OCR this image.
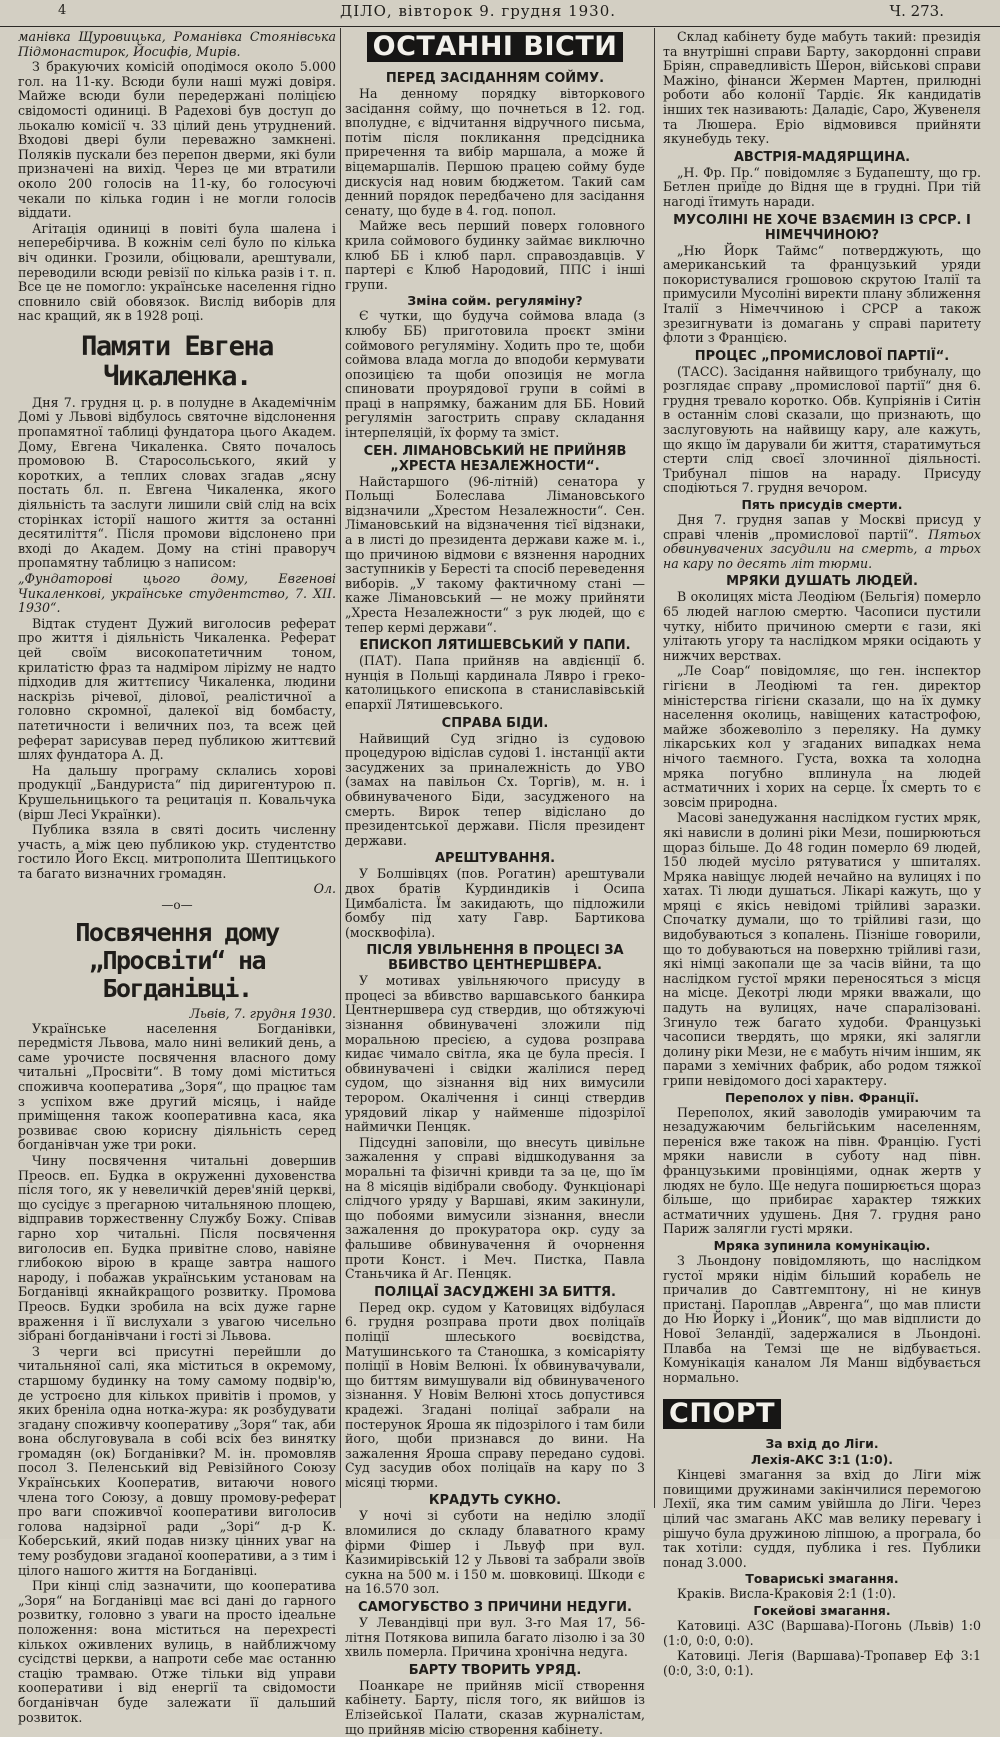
4	ДІЛО, вівторок 9. грудня 1930.	Ч. 273.

манівка Щуровицька, Романівка Стоянівська Підмонастирок, Йосифів, Мирів.

З бракуючих комісій оподімося около 5.000 гол. на 11-ку. Всюди були наші мужі довіря. Майже всюди були передержані поліцією свідомості одиниці. В Радехові був доступ до льокалю комісії ч. 33 цілий день утруднений. Входові двері були переважно замкнені. Поляків пускали без перепон дверми, які були призначені на вихід. Через це ми втратили около 200 голосів на 11-ку, бо голосуючі чекали по кілька годин і не могли голосів віддати.

Агітація одиниці в повіті була шалена і неперебірчива. В кожнім селі було по кілька віч одинки. Грозили, обіцювали, арештували, переводили всюди ревізії по кілька разів і т. п. Все це не помогло: українське населення гідно сповнило свій обовязок. Вислід виборів для нас кращий, як в 1928 році.

Памяти Евгена Чикаленка.

Дня 7. грудня ц. р. в полудне в Академічнім Домі у Львові відбулось святочне відслонення пропамятної таблиці фундатора цього Академ. Дому, Евгена Чикаленка. Свято почалось промовою В. Старосольського, який у коротких, а теплих словах згадав „ясну постать бл. п. Евгена Чикаленка, якого діяльність та заслуги лишили свій слід на всіх сторінках історії нашого життя за останні десятиліття“. Після промови відслонено при вході до Академ. Дому на стіні праворуч пропамятну таблицю з написом:

„Фундаторові цього дому, Евгенові Чикаленкові, українське студентство, 7. XII. 1930“.

Відтак студент Дужий виголосив реферат про життя і діяльність Чикаленка. Реферат цей своїм високопатетичним тоном, крилатістю фраз та надміром лірizму не надто підходив для життєпису Чикаленка, людини наскрізь річевої, ділової, реалістичної а головно скромної, далекої від бомбасту, патетичности і величних поз, та всеж цей реферат зарисував перед публикою життєвий шлях фундатора А. Д.

На дальшу програму склались хорові продукції „Бандуриста“ під диригентурою п. Крушельницького та рецитація п. Ковальчука (вірш Лесі Українки).

Публика взяла в святі досить численну участь, а між цею публикою укр. студентство гостило Його Ексц. митрополита Шептицького та багато визначних громадян.

Ол.
—o—
Посвячення дому „Просвіти“ на Богданівці.
Львів, 7. грудня 1930.

Українське населення Богданівки, передмістя Львова, мало нині великий день, а саме урочисте посвячення власного дому читальні „Просвіти“. В тому домі міститься споживча кооператива „Зоря“, що працює там з успіхом вже другий місяць, і найде приміщення також кооперативна каса, яка розвиває свою корисну діяльність серед богданівчан уже три роки.

Чину посвячення читальні довершив Преосв. еп. Будка в окруженні духовенства після того, як у невеличкій дерев'яній церкві, що сусідує з прегарною читальняною площею, відправив торжественну Службу Божу. Співав гарно хор читальні. Після посвячення виголосив еп. Будка привітне слово, навіяне глибокою вірою в краще завтра нашого народу, і побажав українським установам на Богданівці якнайкращого розвитку. Промова Преосв. Будки зробила на всіх дуже гарне враження і її вислухали з увагою чисельно зібрані богданівчани і гості зі Львова.

З черги всі присутні перейшли до читальняної салі, яка міститься в окремому, старшому будинку на тому самому подвір'ю, де устроєно для кількох привітів і промов, у яких бреніла одна нотка-журa: як розбудувати згадану споживчу кооперативу „Зоря“ так, аби вона обслуговувала в собі всіх без винятку громадян (ок) Богданівки? М. ін. промовляв посол З. Пеленський від Ревізійного Союзу Українських Кооператив, витаючи нового члена того Союзу, а довшу промову-реферат про ваги споживчої кооперативи виголосив голова надзірної ради „Зорі“ д-р К. Коберський, який подав низку цінних уваг на тему розбудови згаданої кооперативи, а з тим і цілого нашого життя на Богданівці.

При кінці слід зазначити, що кооператива „Зоря“ на Богданівці має всі дані до гарного розвитку, головно з уваги на просто ідеальне положення: вона міститься на перехресті кількох оживлених вулиць, в найближчому сусідстві церкви, а напроти себе має останню стацію трамваю. Отже тільки від управи кооперативи і від енергії та свідомости богданівчан буде залежати її дальший розвиток.

ОСТАННІ ВІСТИ
ПЕРЕД ЗАСІДАННЯМ СОЙМУ.

На денному порядку вівторкового засідання сойму, що почнеться в 12. год. вполудне, є відчитання відручного письма, потім після покликання предсідника приречення та вибір маршала, а може й віцемаршалів. Першою працею сойму буде дискусія над новим бюджетом. Такий сам денний порядок передбачено для засідання сенату, що буде в 4. год. попол.

Майже весь перший поверх головного крила соймового будинку займає виключно клюб ББ і клюб парл. справоздавців. У партері є Клюб Народовий, ППС і інші групи.

Зміна сойм. регуляміну?

Є чутки, що будуча соймова влада (з клюбу ББ) приготовила проєкт зміни соймового регуляміну. Ходить про те, щоби соймова влада могла до вподоби кермувати опозицією та щоби опозиція не могла спиновати проурядової групи в соймі в праці в напрямку, бажаним для ББ. Новий регулямін загострить справу складання інтерпеляцій, їх форму та зміст.

СЕН. ЛІМАНОВСЬКИЙ НЕ ПРИЙНЯВ „ХРЕСТА НЕЗАЛЕЖНОСТИ“.

Найстаршого (96-літній) сенатора у Польщі Болеслава Лімановського відзначили „Хрестом Незалежности“. Сен. Лімановський на відзначення тієї відзнаки, а в листі до президента держави каже м. і., що причиною відмови є вязнення народних заступників у Берестi та спосіб переведення виборів. „У такому фактичному стані — каже Лімановський — не можу прийняти „Хреста Незалежности“ з рук людей, що є тепер кермі держави“.

ЕПИСКОП ЛЯТИШЕВСЬКИЙ У ПАПИ.

(ПАТ). Папа прийняв на авдієнції б. нунція в Польщі кардинала Лявро і греко-католицького епископа в станиславівській епархії Лятишевського.

СПРАВА БІДИ.

Найвищий Суд згідно із судовою процедурою відіслав судові 1. інстанції акти засуджених за приналежність до УВО (замах на павільон Сх. Торгів), м. н. і обвинуваченого Біди, засудженого на смерть. Вирок тепер відіслано до президентської держави. Після президент держави.

АРЕШТУВАННЯ.

У Болшівцях (пов. Рогатин) арештували двох братів Курдиндиків і Осипа Цимбаліста. Їм закидають, що підложили бомбу під хату Гавр. Бартикова (москвофіла).

ПІСЛЯ УВІЛЬНЕННЯ В ПРОЦЕСІ ЗА ВБИВСТВО ЦЕНТНЕРШВЕРА.

У мотивах увільняючого присуду в процесі за вбивство варшавського банкира Центнершвера суд ствердив, що обтяжуючі зізнання обвинувачені зложили під моральною пресією, а судова розправа кидає чимало світла, яка це була пресія. І обвинувачені і свідки жалілися перед судом, що зізнання від них вимусили терором. Окалічення і синці ствердив урядовий лікар у найменше підозрілої наймички Пенцяк.

Підсудні заповіли, що внесуть цивільне зажалення у справі відшкодування за моральні та фізичні кривди та за це, що їм на 8 місяців відібрали свободу. Функціонарі слідчого уряду у Варшаві, яким закинули, що побоями вимусили зізнання, внесли зажалення до прокуратора окр. суду за фальшиве обвинувачення й очорнення проти Конст. і Меч. Пистка, Павла Станьчика й Аг. Пенцяк.

ПОЛІЦАЇ ЗАСУДЖЕНІ ЗА БИТТЯ.

Перед окр. судом у Катовицях відбулася 6. грудня розправа проти двох поліцаїв поліції шлеського воєвідства, Матушинського та Станошка, з комісаріяту поліції в Новім Велюні. Їх обвинувачували, що биттям вимушували від обвинуваченого зізнання. У Новім Велюні хтось допустився крадежі. Згадані поліцаї забрали на постерунок Яроша як підозрілого і там били його, щоби признався до вини. На зажалення Яроша справу передано судові. Суд засудив обох поліцаїв на кару по 3 місяці тюрми.

КРАДУТЬ СУКНО.

У ночі зі суботи на неділю злодії вломилися до складу блаватного краму фірми Фішер і Львуф при вул. Казимирівській 12 у Львові та забрали звоїв сукна на 500 м. і 150 м. шовковиці. Шкоди є на 16.570 зол.

САМОГУБСТВО З ПРИЧИНИ НЕДУГИ.

У Левандівці при вул. 3-го Мая 17, 56-літня Потякова випила багато лізолю і за 30 хвиль померла. Причина хронічна недуга.

БАРТУ ТВОРИТЬ УРЯД.

Поанкаре не прийняв місії створення кабінету. Барту, після того, як вийшов із Елізейської Палати, сказав журналістам, що прийняв місію створення кабінету.

Склад кабінету буде мабуть такий: президія та внутрішні справи Барту, закордонні справи Бріян, справедливість Шерон, військові справи Мажіно, фінанси Жермен Мартен, прилюдні роботи або колонії Тардіє. Як кандидатів інших тек називають: Даладіє, Саро, Жувенеля та Люшера. Еріо відмовився прийняти якунебудь теку.

АВСТРІЯ-МАДЯРЩИНА.

„Н. Фр. Пр.“ повідомляє з Будапешту, що гр. Бетлен приїде до Відня ще в грудні. При тій нагоді їтимуть наради.

МУСОЛІНІ НЕ ХОЧЕ ВЗАЄМИН ІЗ СРСР. І НІМЕЧЧИНОЮ?

„Ню Йорк Таймс“ потверджують, що американський та французький уряди покористувалися грошовою скрутою Італії та примусили Мусоліні виректи плану зближення Італії з Німеччиною і СРСР а також зрезигнувати із домагань у справі паритету флоти з Францією.

ПРОЦЕС „ПРОМИСЛОВОЇ ПАРТІЇ“.

(ТАСС). Засідання найвищого трибуналу, що розглядає справу „промислової партії“ дня 6. грудня тревало коротко. Обв. Купріянів і Ситін в останнім слові сказали, що признають, що заслуговують на найвищу кару, але кажуть, що якщо їм дарували би життя, старатимуться стерти слід своєї злочинної діяльності. Трибунал пішов на нараду. Присуду сподіються 7. грудня вечором.

Пять присудів смерти.

Дня 7. грудня запав у Москві присуд у справі членів „промислової партії“. Пятьох обвинувачених засудили на смерть, а трьох на кару по десять літ тюрми.

МРЯКИ ДУШАТЬ ЛЮДЕЙ.

В околицях міста Леодіюм (Бельгія) померло 65 людей наглою смертю. Часописи пустили чутку, нібито причиною смерти є гази, які улітають угору та наслідком мряки осідають у нижчих верствах.

„Ле Соар“ повідомляє, що ген. інспектор гігієни в Леодіюмі та ген. директор міністерства гігієни сказали, що на їх думку населення околиць, навіщених катастрофою, майже збожеволіло з переляку. На думку лікарських кол у згаданих випадках нема нічого таємного. Густа, вохка та холодна мряка погубно вплинула на людей астматичних і хорих на серце. Їх смерть то є зовсім природна.

Масові занедужання наслідком густих мряк, які нависли в долині ріки Мези, поширюються щораз більше. До 48 годин померло 69 людей, 150 людей мусіло рятуватися у шпиталях. Мряка навіщує людей нечайно на вулицях і по хатах. Ті люди душаться. Лікарі кажуть, що у мряці є якісь невідомі трійливі заразки. Спочатку думали, що то трійливі гази, що видобуваються з копалень. Пізніше говорили, що то добуваються на поверхню трійливі гази, які німці закопали ще за часів війни, та що наслідком густої мряки переносяться з місця на місце. Декотрі люди мряки вважали, що падуть на вулицях, наче спаралізовані. Згинуло теж багато худоби. Французькі часописи твердять, що мряки, які залягли долину ріки Мези, не є мабуть нічим іншим, як парами з хемічних фабрик, або родом тяжкої грипи невідомого досі характеру.

Переполох у півн. Франції.

Переполох, який заволодів умираючим та незадужаючим бельгійським населенням, переніся вже також на півн. Францію. Густі мряки нависли в суботу над півн. французькими провінціями, однак жертв у людях не було. Ще недуга поширюється щораз більше, що прибирає характер тяжких астматичних удушень. Дня 7. грудня рано Париж залягли густі мряки.

Мряка зупинила комунікацію.

З Льондону повідомляють, що наслідком густої мряки нідім більший корабель не причалив до Савтгемптону, ні не кинув пристані. Пароплав „Авренга“, що мав плисти до Ню Йорку і „Йоник“, що мав відплисти до Нової Зеландії, задержалися в Льондоні. Плавба на Темзі ще не відбувається. Комунікація каналом Ля Манш відбувається нормально.

СПОРТ
За вхід до Ліги.
Лехія-АКС 3:1 (1:0).

Кінцеві змагання за вхід до Ліги між повищими дружинами закінчилися перемогою Лехії, яка тим самим увійшла до Ліги. Через цілий час змагань АКС мав велику перевагу і рішучо була дружиною ліпшою, а програла, бо так хотіли: суддя, публика і res. Публики понад 3.000.

Товариські змагання.

Краків. Висла-Краковія 2:1 (1:0).

Гокейові змагання.

Катовиці. АЗС (Варшава)-Погонь (Львів) 1:0 (1:0, 0:0, 0:0).

Катовиці. Легія (Варшава)-Тропавер Еф 3:1 (0:0, 3:0, 0:1).
